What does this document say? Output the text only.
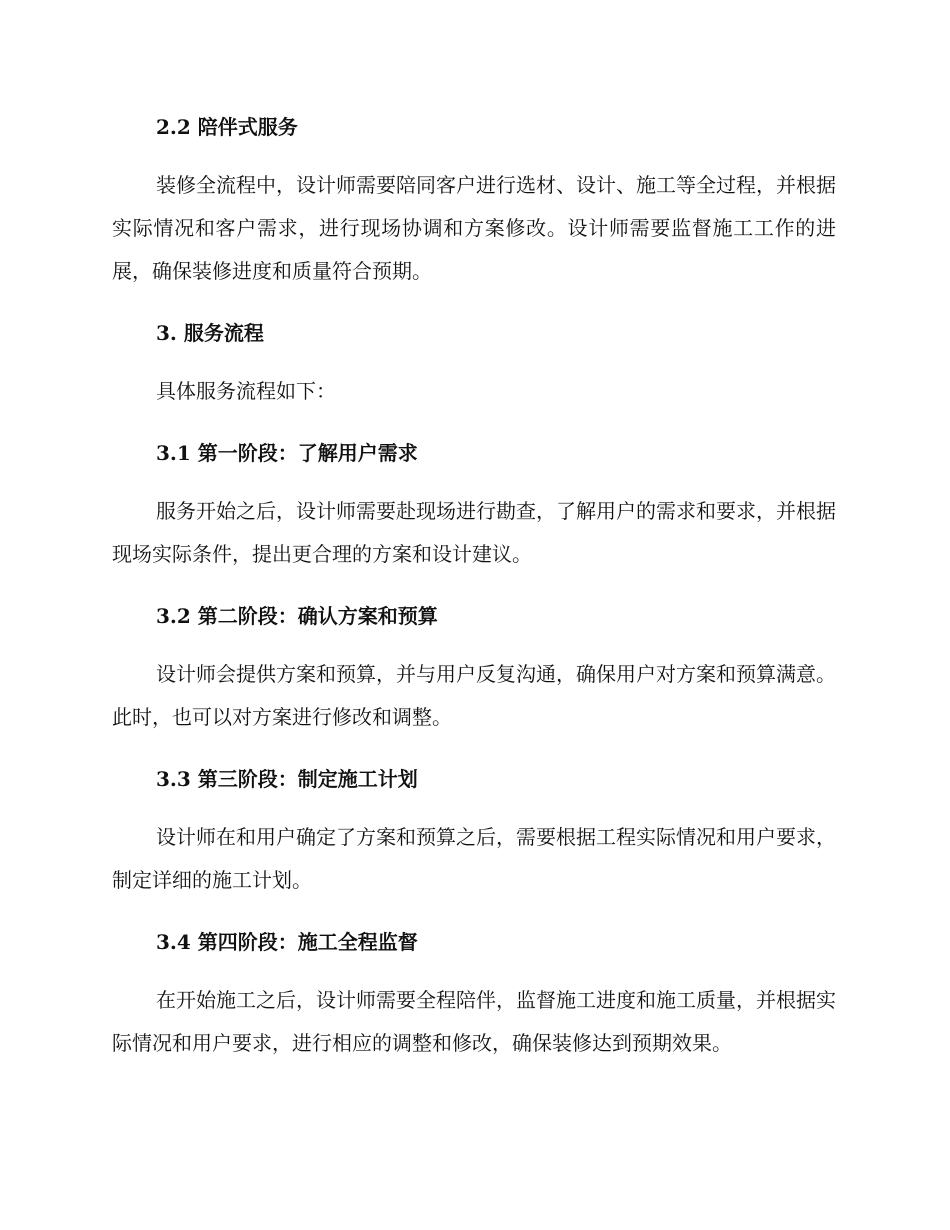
2.2 陪伴式服务

装修全流程中，设计师需要陪同客户进行选材、设计、施工等全过程，并根据实际情况和客户需求，进行现场协调和方案修改。设计师需要监督施工工作的进展，确保装修进度和质量符合预期。

3. 服务流程

具体服务流程如下：

3.1 第一阶段：了解用户需求

服务开始之后，设计师需要赴现场进行勘查，了解用户的需求和要求，并根据现场实际条件，提出更合理的方案和设计建议。

3.2 第二阶段：确认方案和预算

设计师会提供方案和预算，并与用户反复沟通，确保用户对方案和预算满意。此时，也可以对方案进行修改和调整。

3.3 第三阶段：制定施工计划

设计师在和用户确定了方案和预算之后，需要根据工程实际情况和用户要求，制定详细的施工计划。

3.4 第四阶段：施工全程监督

在开始施工之后，设计师需要全程陪伴，监督施工进度和施工质量，并根据实际情况和用户要求，进行相应的调整和修改，确保装修达到预期效果。
